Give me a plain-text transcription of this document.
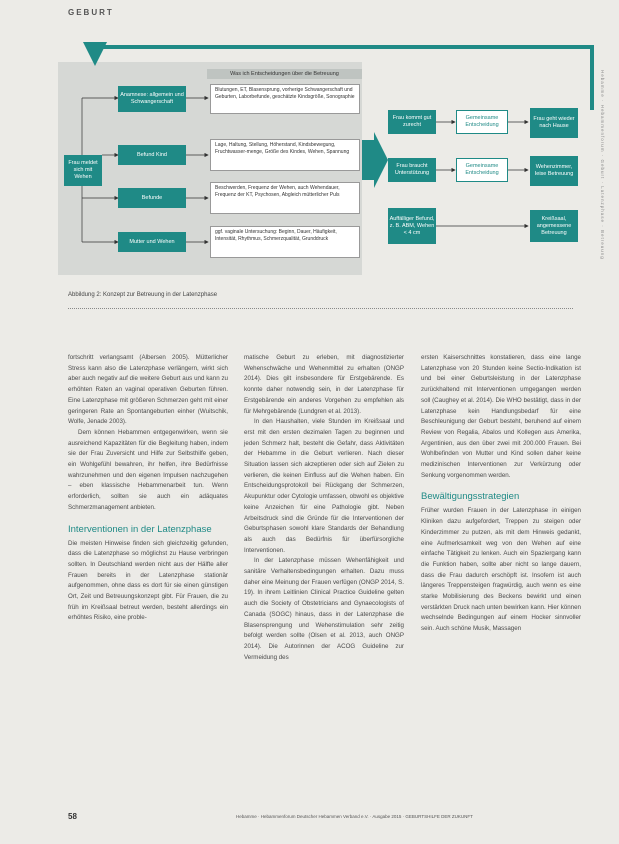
GEBURT
Was ich Entscheidungen über die Betreuung
Frau meldet sich mit Wehen
Anamnese: allgemein und Schwangerschaft
Befund Kind
Befunde
Mutter und Wehen
Blutungen, ET, Blasensprung, vorherige Schwangerschaft und Geburten, Laborbefunde, geschätzte Kindsgröße, Sonographie
Lage, Haltung, Stellung, Höherstand, Kindsbewegung, Fruchtwasser-menge, Größe des Kindes, Wehen, Spannung
Beschwerden, Frequenz der Wehen, auch Wehendauer, Frequenz der KT, Psychosen, Abgleich mütterlicher Puls
ggf. vaginale Untersuchung: Beginn, Dauer, Häufigkeit, Intensität, Rhythmus, Schmerzqualität, Grunddruck
Frau kommt gut zurecht
Frau braucht Unterstützung
Auffälliger Befund, z. B. ABM, Wehen < 4 cm
Gemeinsame Entscheidung
Gemeinsame Entscheidung
Frau geht wieder nach Hause
Wehenzimmer, Ieise Betreuung
Kreißsaal, angemessene Betreuung
Abbildung 2: Konzept zur Betreuung in der Latenzphase

fortschritt verlangsamt (Albersen 2005). Mütterlicher Stress kann also die Latenzphase verlängern, wirkt sich aber auch negativ auf die weitere Geburt aus und kann zu erhöhten Raten an vaginal operativen Geburten führen. Eine Latenzphase mit größeren Schmerzen geht mit einer geringeren Rate an Spontangeburten einher (Wuitschik, Wolfe, Jenade 2003).

Dem können Hebammen entgegenwirken, wenn sie ausreichend Kapazitäten für die Begleitung haben, indem sie der Frau Zuversicht und Hilfe zur Selbsthilfe geben, ein Wohlgefühl bewahren, ihr helfen, ihre Bedürfnisse wahrzunehmen und den eigenen Impulsen nachzugehen – eben klassische Hebammenarbeit tun. Wenn erforderlich, sollten sie auch ein adäquates Schmerzmanagement anbieten.

Interventionen in der Latenzphase

Die meisten Hinweise finden sich gleichzeitig gefunden, dass die Latenzphase so möglichst zu Hause verbringen sollten. In Deutschland werden nicht aus der Hälfte aller Frauen bereits in der Latenzphase stationär aufgenommen, ohne dass es dort für sie einen günstigen Ort, Zeit und Betreuungskonzept gibt. Für Frauen, die zu früh im Kreißsaal betreut werden, besteht allerdings ein erhöhtes Risiko, eine proble-

matische Geburt zu erleben, mit diagnostizierter Wehenschwäche und Wehenmittel zu erhalten (ONGP 2014). Dies gilt insbesondere für Erstgebärende. Es konnte daher notwendig sein, in der Latenzphase für Erstgebärende ein anderes Vorgehen zu empfehlen als für Mehrgebärende (Lundgren et al. 2013).

In den Haushalten, viele Stunden im Kreißsaal und erst mit den ersten dezimalen Tagen zu beginnen und jeden Schmerz halt, besteht die Gefahr, dass Aktivitäten der Hebamme in die Geburt verlieren. Nach dieser Situation lassen sich akzeptieren oder sich auf Zielen zu verlieren, die keinen Einfluss auf die Wehen haben. Ein Entscheidungsprotokoll bei Rückgang der Schmerzen, Akupunktur oder Cytologie umfassen, obwohl es objektive keine Anzeichen für eine Pathologie gibt. Neben Arbeitsdruck sind die Gründe für die Interventionen der Geburtsphasen sowohl klare Standards der Behandlung als auch das Bedürfnis für überfürsorgliche Interventionen.

In der Latenzphase müssen Wehenfähigkeit und sanitäre Verhaltensbedingungen erhalten. Dazu muss daher eine Meinung der Frauen verfügen (ONGP 2014, S. 19). In ihrem Leitlinien Clinical Practice Guideline gelten auch die Society of Obstetricians and Gynaecologists of Canada (SOGC) hinaus, dass in der Latenzphase die Blasensprengung und Wehenstimulation sehr zeitig befolgt werden sollte (Olsen et al. 2013, auch ONGP 2014). Die Autorinnen der ACOG Guideline zur Vermeidung des

ersten Kaiserschnittes konstatieren, dass eine lange Latenzphase von 20 Stunden keine Sectio-Indikation ist und bei einer Geburtsleistung in der Latenzphase zurückhaltend mit Interventionen umgegangen werden soll (Caughey et al. 2014). Die WHO bestätigt, dass in der Latenzphase kein Handlungsbedarf für eine Beschleunigung der Geburt besteht, beruhend auf einem Review von Regalia, Abalos und Kollegen aus Amerika, Argentinien, aus den über zwei mit 200.000 Frauen. Bei Wohlbefinden von Mutter und Kind sollen daher keine medizinischen Interventionen zur Verkürzung oder Senkung vorgenommen werden.

Bewältigungsstrategien

Früher wurden Frauen in der Latenzphase in einigen Kliniken dazu aufgefordert, Treppen zu steigen oder Kinderzimmer zu putzen, als mit dem Hinweis gedankt, eine Aufmerksamkeit weg von den Wehen auf eine einfache Tätigkeit zu lenken. Auch ein Spaziergang kann die Funktion haben, sollte aber nicht so lange dauern, dass die Frau dadurch erschöpft ist. Insofern ist auch längeres Treppensteigen fragwürdig, auch wenn es eine starke Mobilisierung des Beckens bewirkt und einen verstärkten Druck nach unten bewirken kann. Hier können wechselnde Bedingungen auf einem Hocker sinnvoller sein. Auch schöne Musik, Massagen

Hebamme · Hebammenforum · Geburt · Latenzphase · Betreuung
58	Hebamme · Hebammenforum Deutscher Hebammen Verband e.V. · Ausgabe 2015 · GEBURTSHILFE DER ZUKUNFT
